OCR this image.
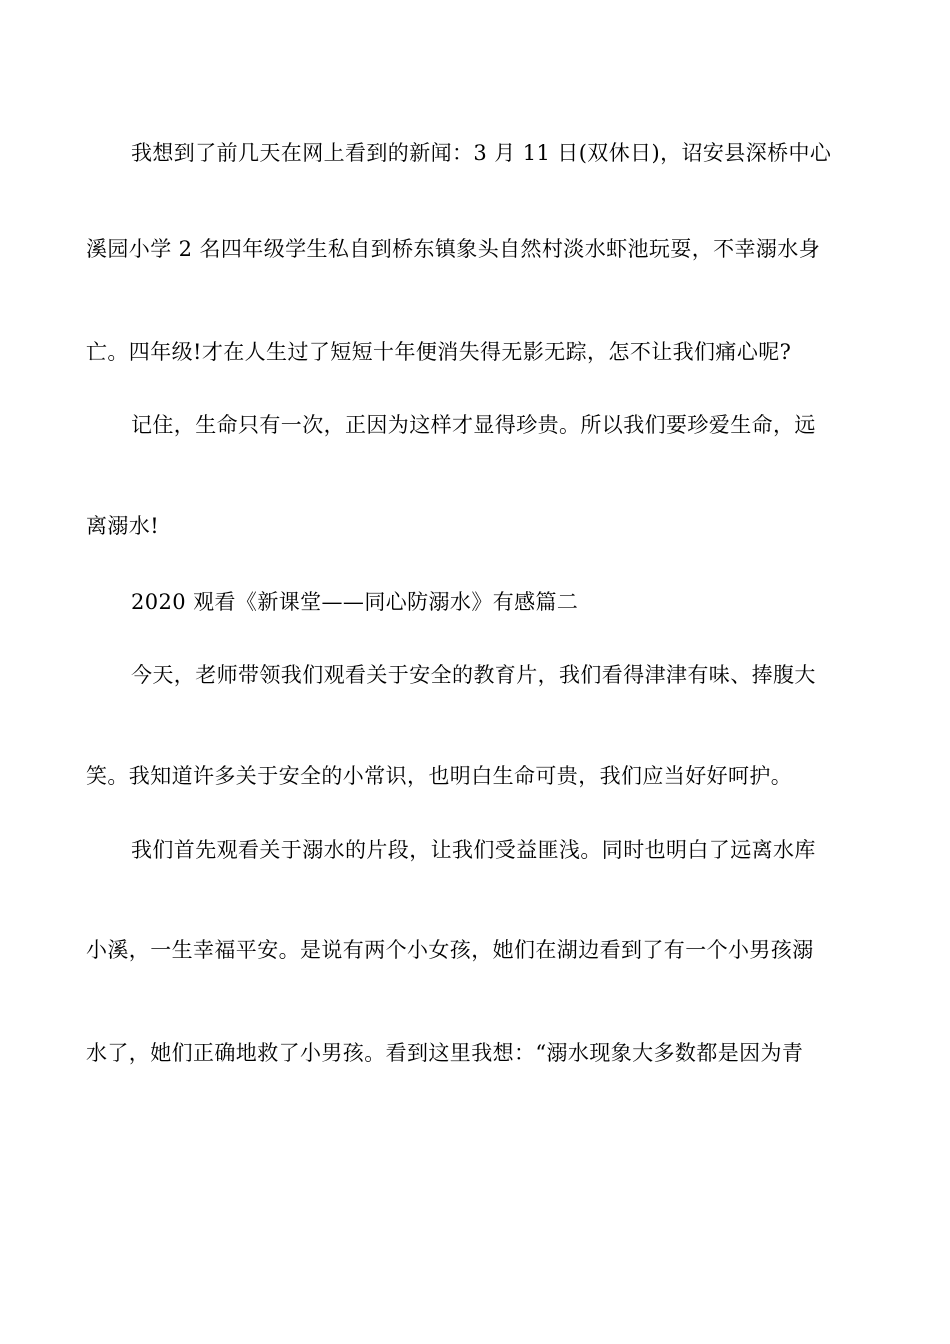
我想到了前几天在网上看到的新闻：3 月 11 日(双休日)，诏安县深桥中心
溪园小学 2 名四年级学生私自到桥东镇象头自然村淡水虾池玩耍，不幸溺水身
亡。四年级!才在人生过了短短十年便消失得无影无踪，怎不让我们痛心呢?
记住，生命只有一次，正因为这样才显得珍贵。所以我们要珍爱生命，远
离溺水!
2020 观看《新课堂——同心防溺水》有感篇二
今天，老师带领我们观看关于安全的教育片，我们看得津津有味、捧腹大
笑。我知道许多关于安全的小常识，也明白生命可贵，我们应当好好呵护。
我们首先观看关于溺水的片段，让我们受益匪浅。同时也明白了远离水库
小溪，一生幸福平安。是说有两个小女孩，她们在湖边看到了有一个小男孩溺
水了，她们正确地救了小男孩。看到这里我想：“溺水现象大多数都是因为青
